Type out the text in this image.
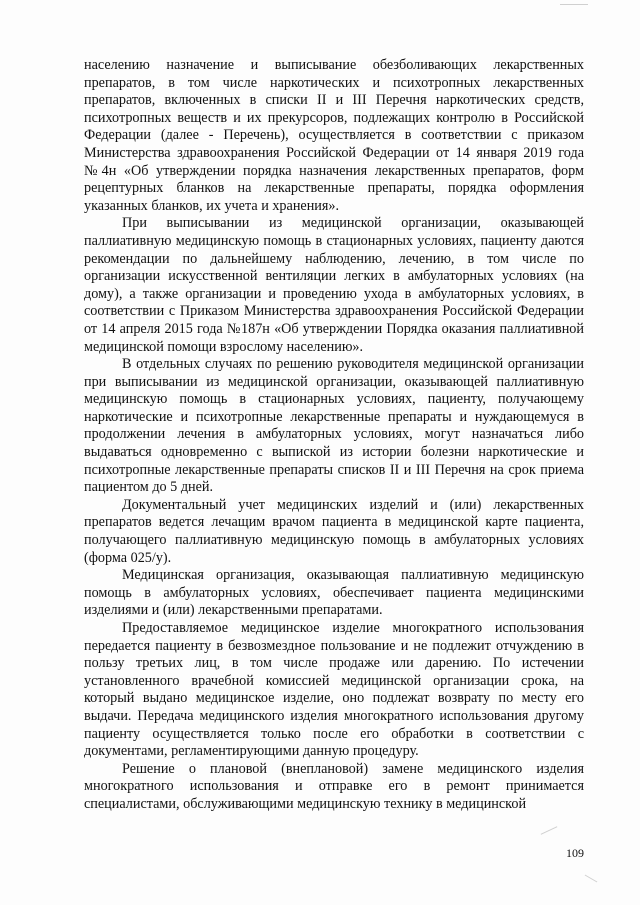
населению назначение и выписывание обезболивающих лекарственных препаратов, в том числе наркотических и психотропных лекарственных препаратов, включенных в списки II и III Перечня наркотических средств, психотропных веществ и их прекурсоров, подлежащих контролю в Российской Федерации (далее - Перечень), осуществляется в соответствии с приказом Министерства здравоохранения Российской Федерации от 14 января 2019 года №4н «Об утверждении порядка назначения лекарственных препаратов, форм рецептурных бланков на лекарственные препараты, порядка оформления указанных бланков, их учета и хранения».

При выписывании из медицинской организации, оказывающей паллиативную медицинскую помощь в стационарных условиях, пациенту даются рекомендации по дальнейшему наблюдению, лечению, в том числе по организации искусственной вентиляции легких в амбулаторных условиях (на дому), а также организации и проведению ухода в амбулаторных условиях, в соответствии с Приказом Министерства здравоохранения Российской Федерации от 14 апреля 2015 года №187н «Об утверждении Порядка оказания паллиативной медицинской помощи взрослому населению».

В отдельных случаях по решению руководителя медицинской организации при выписывании из медицинской организации, оказывающей паллиативную медицинскую помощь в стационарных условиях, пациенту, получающему наркотические и психотропные лекарственные препараты и нуждающемуся в продолжении лечения в амбулаторных условиях, могут назначаться либо выдаваться одновременно с выпиской из истории болезни наркотические и психотропные лекарственные препараты списков II и III Перечня на срок приема пациентом до 5 дней.

Документальный учет медицинских изделий и (или) лекарственных препаратов ведется лечащим врачом пациента в медицинской карте пациента, получающего паллиативную медицинскую помощь в амбулаторных условиях (форма 025/у).

Медицинская организация, оказывающая паллиативную медицинскую помощь в амбулаторных условиях, обеспечивает пациента медицинскими изделиями и (или) лекарственными препаратами.

Предоставляемое медицинское изделие многократного использования передается пациенту в безвозмездное пользование и не подлежит отчуждению в пользу третьих лиц, в том числе продаже или дарению. По истечении установленного врачебной комиссией медицинской организации срока, на который выдано медицинское изделие, оно подлежат возврату по месту его выдачи. Передача медицинского изделия многократного использования другому пациенту осуществляется только после его обработки в соответствии с документами, регламентирующими данную процедуру.

Решение о плановой (внеплановой) замене медицинского изделия многократного использования и отправке его в ремонт принимается специалистами, обслуживающими медицинскую технику в медицинской

109
